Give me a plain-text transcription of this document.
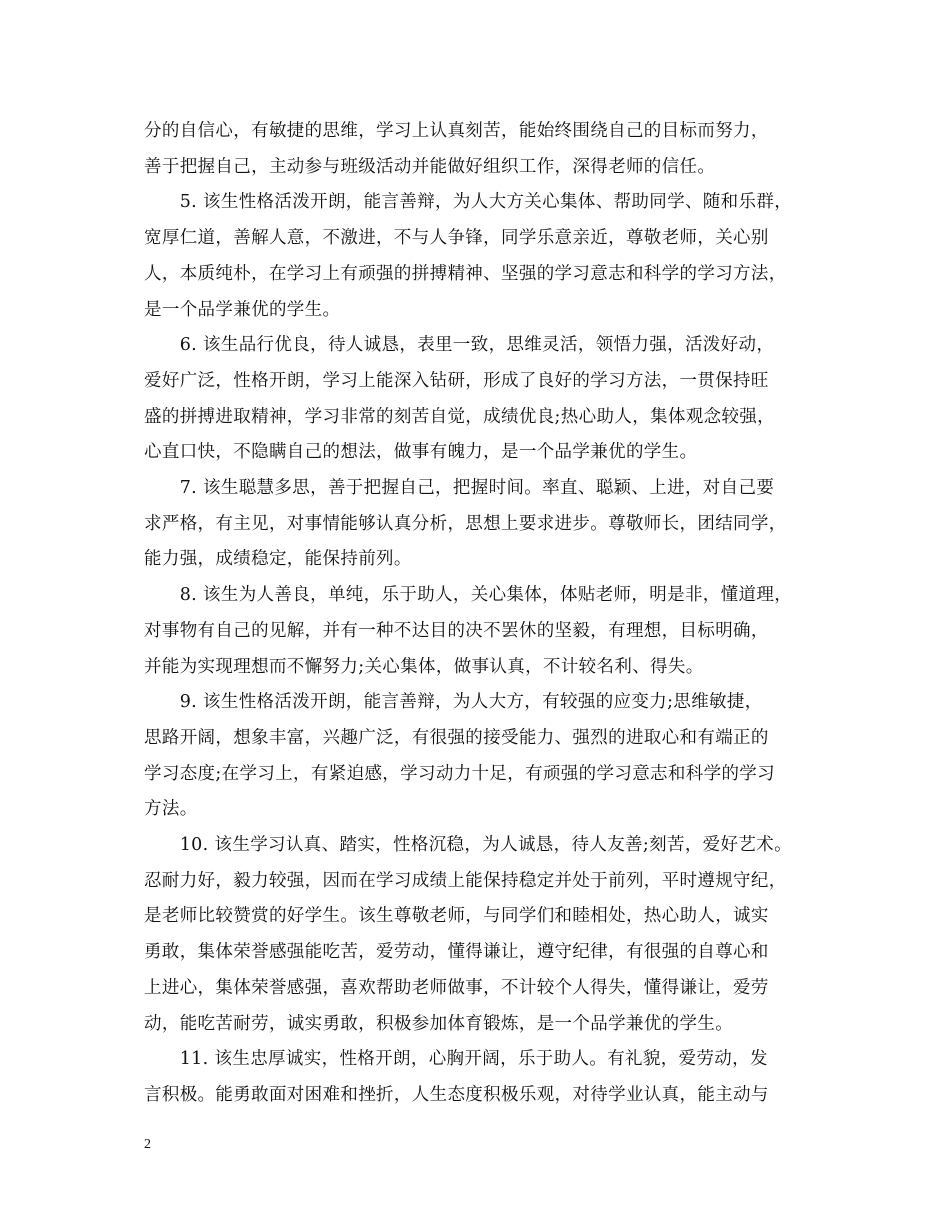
分的自信心，有敏捷的思维，学习上认真刻苦，能始终围绕自己的目标而努力，
善于把握自己，主动参与班级活动并能做好组织工作，深得老师的信任。
　　5. 该生性格活泼开朗，能言善辩，为人大方关心集体、帮助同学、随和乐群，
宽厚仁道，善解人意，不激进，不与人争锋，同学乐意亲近，尊敬老师，关心别
人，本质纯朴，在学习上有顽强的拼搏精神、坚强的学习意志和科学的学习方法，
是一个品学兼优的学生。
　　6. 该生品行优良，待人诚恳，表里一致，思维灵活，领悟力强，活泼好动，
爱好广泛，性格开朗，学习上能深入钻研，形成了良好的学习方法，一贯保持旺
盛的拼搏进取精神，学习非常的刻苦自觉，成绩优良;热心助人，集体观念较强，
心直口快，不隐瞒自己的想法，做事有魄力，是一个品学兼优的学生。
　　7. 该生聪慧多思，善于把握自己，把握时间。率直、聪颖、上进，对自己要
求严格，有主见，对事情能够认真分析，思想上要求进步。尊敬师长，团结同学，
能力强，成绩稳定，能保持前列。
　　8. 该生为人善良，单纯，乐于助人，关心集体，体贴老师，明是非，懂道理，
对事物有自己的见解，并有一种不达目的决不罢休的坚毅，有理想，目标明确，
并能为实现理想而不懈努力;关心集体，做事认真，不计较名利、得失。
　　9. 该生性格活泼开朗，能言善辩，为人大方，有较强的应变力;思维敏捷，
思路开阔，想象丰富，兴趣广泛，有很强的接受能力、强烈的进取心和有端正的
学习态度;在学习上，有紧迫感，学习动力十足，有顽强的学习意志和科学的学习
方法。
　　10. 该生学习认真、踏实，性格沉稳，为人诚恳，待人友善;刻苦，爱好艺术。
忍耐力好，毅力较强，因而在学习成绩上能保持稳定并处于前列，平时遵规守纪，
是老师比较赞赏的好学生。该生尊敬老师，与同学们和睦相处，热心助人，诚实
勇敢，集体荣誉感强能吃苦，爱劳动，懂得谦让，遵守纪律，有很强的自尊心和
上进心，集体荣誉感强，喜欢帮助老师做事，不计较个人得失，懂得谦让，爱劳
动，能吃苦耐劳，诚实勇敢，积极参加体育锻炼，是一个品学兼优的学生。
　　11. 该生忠厚诚实，性格开朗，心胸开阔，乐于助人。有礼貌，爱劳动，发
言积极。能勇敢面对困难和挫折，人生态度积极乐观，对待学业认真，能主动与
2
